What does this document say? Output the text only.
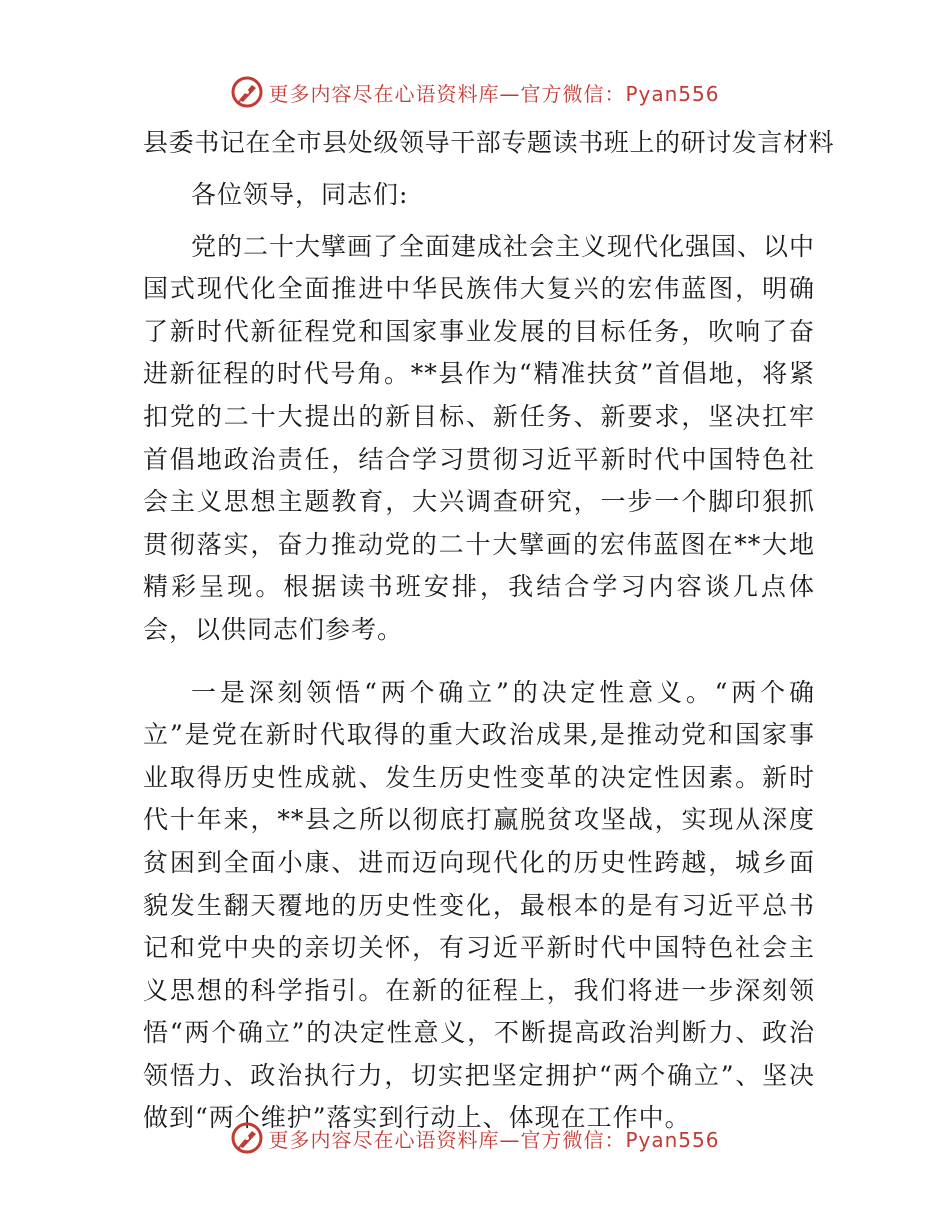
更多内容尽在心语资料库—官方微信：Pyan556
县委书记在全市县处级领导干部专题读书班上的研讨发言材料

各位领导，同志们:

党的二十大擘画了全面建成社会主义现代化强国、以中国式现代化全面推进中华民族伟大复兴的宏伟蓝图，明确了新时代新征程党和国家事业发展的目标任务，吹响了奋进新征程的时代号角。**县作为“精准扶贫”首倡地，将紧扣党的二十大提出的新目标、新任务、新要求，坚决扛牢首倡地政治责任，结合学习贯彻习近平新时代中国特色社会主义思想主题教育，大兴调查研究，一步一个脚印狠抓贯彻落实，奋力推动党的二十大擘画的宏伟蓝图在**大地精彩呈现。根据读书班安排，我结合学习内容谈几点体会，以供同志们参考。

一是深刻领悟“两个确立”的决定性意义。“两个确立”是党在新时代取得的重大政治成果,是推动党和国家事业取得历史性成就、发生历史性变革的决定性因素。新时代十年来，**县之所以彻底打赢脱贫攻坚战，实现从深度贫困到全面小康、进而迈向现代化的历史性跨越，城乡面貌发生翻天覆地的历史性变化，最根本的是有习近平总书记和党中央的亲切关怀，有习近平新时代中国特色社会主义思想的科学指引。在新的征程上，我们将进一步深刻领悟“两个确立”的决定性意义，不断提高政治判断力、政治领悟力、政治执行力，切实把坚定拥护“两个确立”、坚决做到“两个维护”落实到行动上、体现在工作中。

更多内容尽在心语资料库—官方微信：Pyan556
